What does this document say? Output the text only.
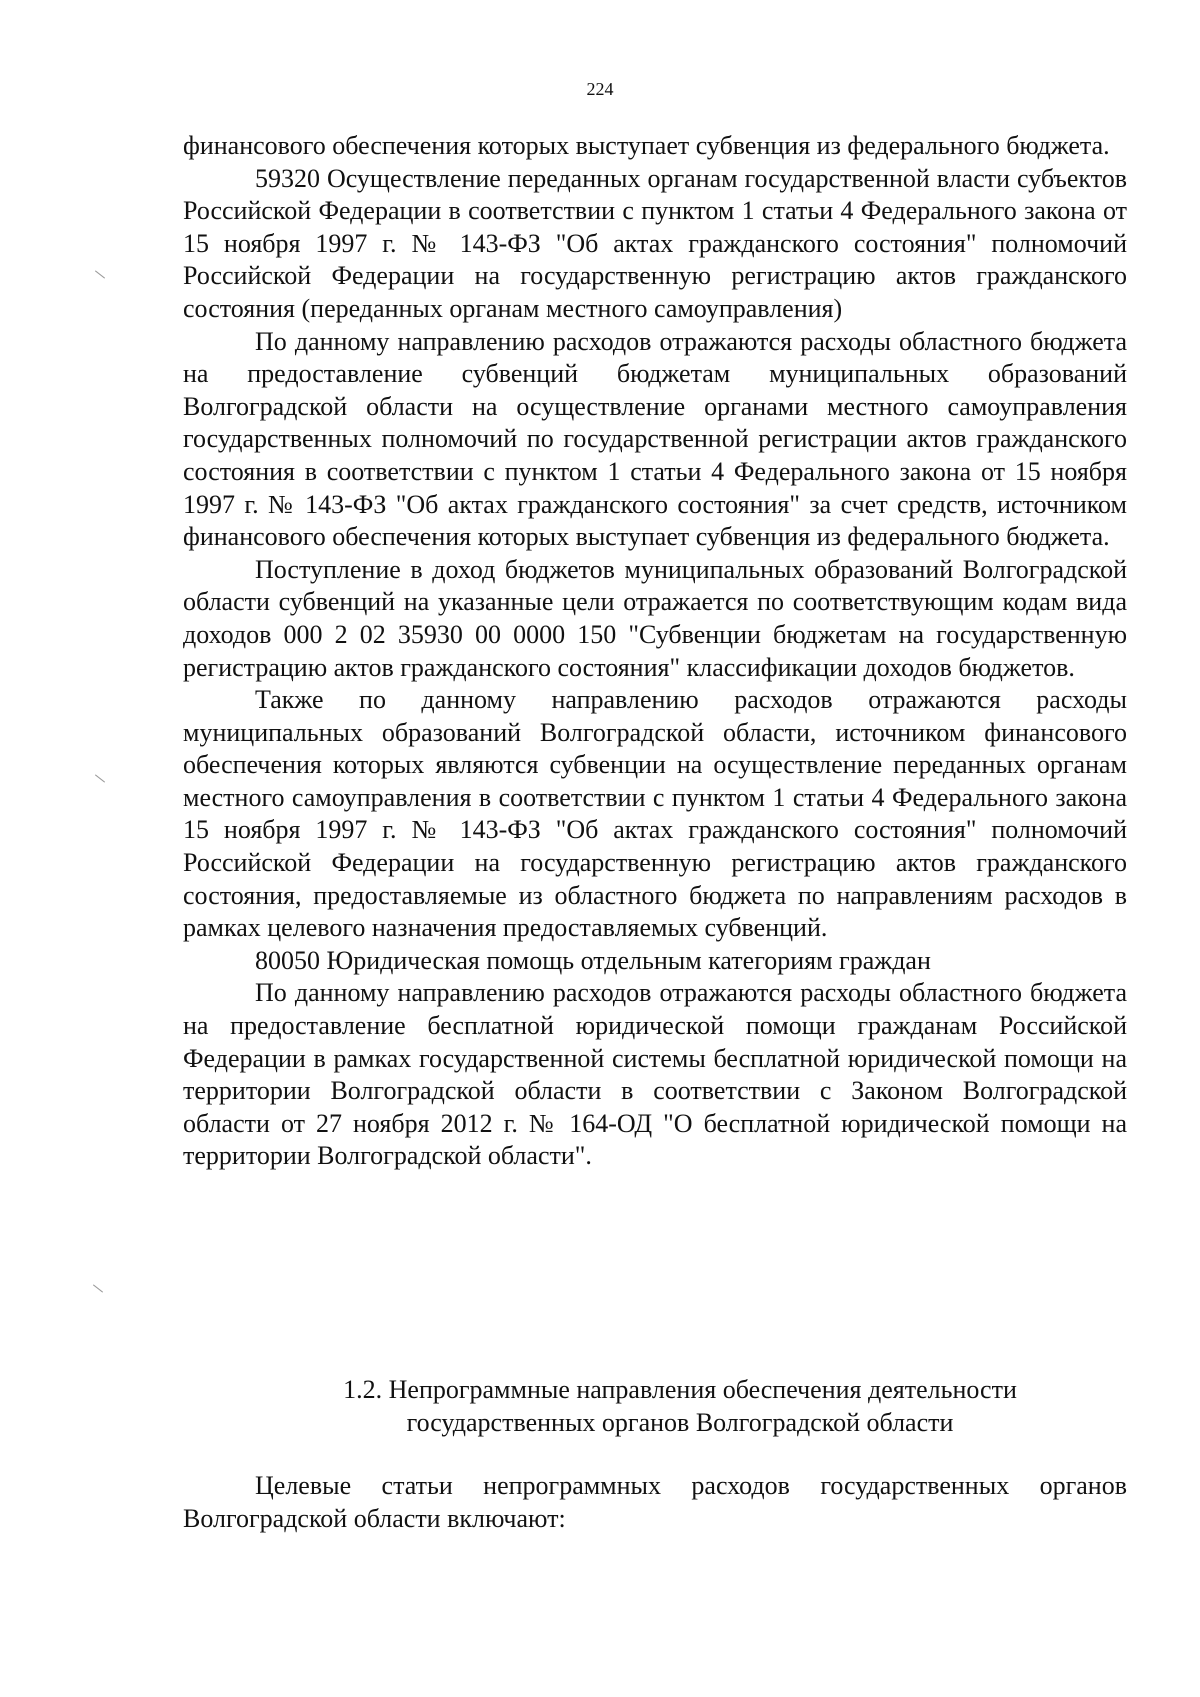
224

финансового обеспечения которых выступает субвенция из федерального бюджета.

59320 Осуществление переданных органам государственной власти субъектов Российской Федерации в соответствии с пунктом 1 статьи 4 Федерального закона от 15 ноября 1997 г. № 143-ФЗ "Об актах гражданского состояния" полномочий Российской Федерации на государственную регистрацию актов гражданского состояния (переданных органам местного самоуправления)

По данному направлению расходов отражаются расходы областного бюджета на предоставление субвенций бюджетам муниципальных образований Волгоградской области на осуществление органами местного самоуправления государственных полномочий по государственной регистрации актов гражданского состояния в соответствии с пунктом 1 статьи 4 Федерального закона от 15 ноября 1997 г. № 143-ФЗ "Об актах гражданского состояния" за счет средств, источником финансового обеспечения которых выступает субвенция из федерального бюджета.

Поступление в доход бюджетов муниципальных образований Волгоградской области субвенций на указанные цели отражается по соответствующим кодам вида доходов 000 2 02 35930 00 0000 150 "Субвенции бюджетам на государственную регистрацию актов гражданского состояния" классификации доходов бюджетов.

Также по данному направлению расходов отражаются расходы муниципальных образований Волгоградской области, источником финансового обеспечения которых являются субвенции на осуществление переданных органам местного самоуправления в соответствии с пунктом 1 статьи 4 Федерального закона 15 ноября 1997 г. № 143-ФЗ "Об актах гражданского состояния" полномочий Российской Федерации на государственную регистрацию актов гражданского состояния, предоставляемые из областного бюджета по направлениям расходов в рамках целевого назначения предоставляемых субвенций.

80050 Юридическая помощь отдельным категориям граждан

По данному направлению расходов отражаются расходы областного бюджета на предоставление бесплатной юридической помощи гражданам Российской Федерации в рамках государственной системы бесплатной юридической помощи на территории Волгоградской области в соответствии с Законом Волгоградской области от 27 ноября 2012 г. № 164-ОД "О бесплатной юридической помощи на территории Волгоградской области".

1.2. Непрограммные направления обеспечения деятельности
государственных органов Волгоградской области

Целевые статьи непрограммных расходов государственных органов Волгоградской области включают:
